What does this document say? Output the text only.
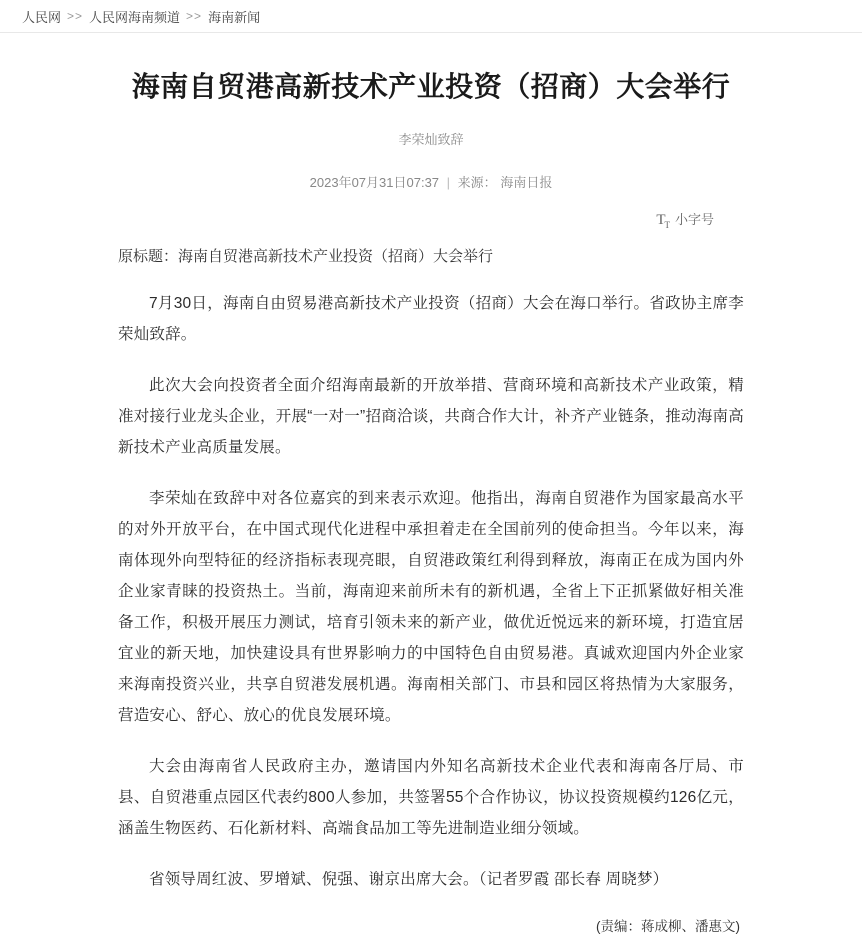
人民网 >> 人民网海南频道 >> 海南新闻
海南自贸港高新技术产业投资（招商）大会举行
李荣灿致辞
2023年07月31日07:37 | 来源： 海南日报
$T_T$ 小字号
原标题：海南自贸港高新技术产业投资（招商）大会举行

7月30日，海南自由贸易港高新技术产业投资（招商）大会在海口举行。省政协主席李荣灿致辞。

此次大会向投资者全面介绍海南最新的开放举措、营商环境和高新技术产业政策，精准对接行业龙头企业，开展“一对一”招商洽谈，共商合作大计，补齐产业链条，推动海南高新技术产业高质量发展。

李荣灿在致辞中对各位嘉宾的到来表示欢迎。他指出，海南自贸港作为国家最高水平的对外开放平台，在中国式现代化进程中承担着走在全国前列的使命担当。今年以来，海南体现外向型特征的经济指标表现亮眼，自贸港政策红利得到释放，海南正在成为国内外企业家青睐的投资热土。当前，海南迎来前所未有的新机遇，全省上下正抓紧做好相关准备工作，积极开展压力测试，培育引领未来的新产业，做优近悦远来的新环境，打造宜居宜业的新天地，加快建设具有世界影响力的中国特色自由贸易港。真诚欢迎国内外企业家来海南投资兴业，共享自贸港发展机遇。海南相关部门、市县和园区将热情为大家服务，营造安心、舒心、放心的优良发展环境。

大会由海南省人民政府主办，邀请国内外知名高新技术企业代表和海南各厅局、市县、自贸港重点园区代表约800人参加，共签署55个合作协议，协议投资规模约126亿元，涵盖生物医药、石化新材料、高端食品加工等先进制造业细分领域。

省领导周红波、罗增斌、倪强、谢京出席大会。（记者罗霞 邵长春 周晓梦）

(责编：蒋成柳、潘惠文)
